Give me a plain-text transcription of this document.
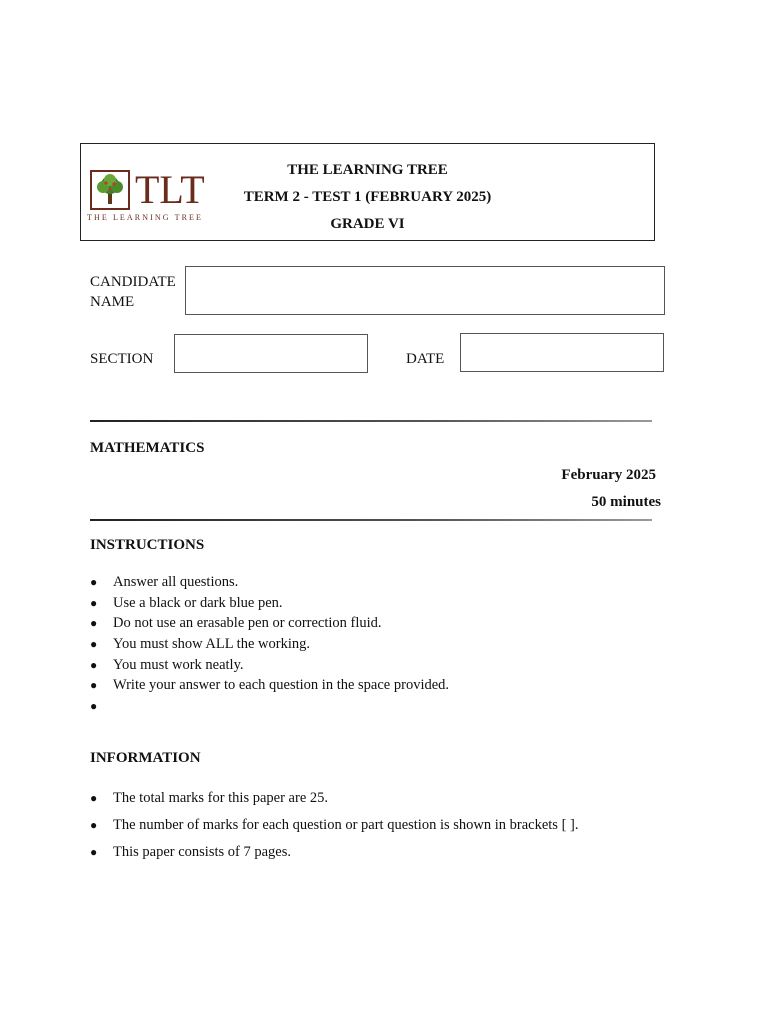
TLT
THE LEARNING TREE
THE LEARNING TREE
TERM 2 - TEST 1 (FEBRUARY 2025)
GRADE VI
CANDIDATE
NAME
SECTION	DATE
MATHEMATICS
February 2025
50 minutes
INSTRUCTIONS
● Answer all questions.
● Use a black or dark blue pen.
● Do not use an erasable pen or correction fluid.
● You must show ALL the working.
● You must work neatly.
● Write your answer to each question in the space provided.
●
INFORMATION
● The total marks for this paper are 25.
● The number of marks for each question or part question is shown in brackets [ ].
● This paper consists of 7 pages.
